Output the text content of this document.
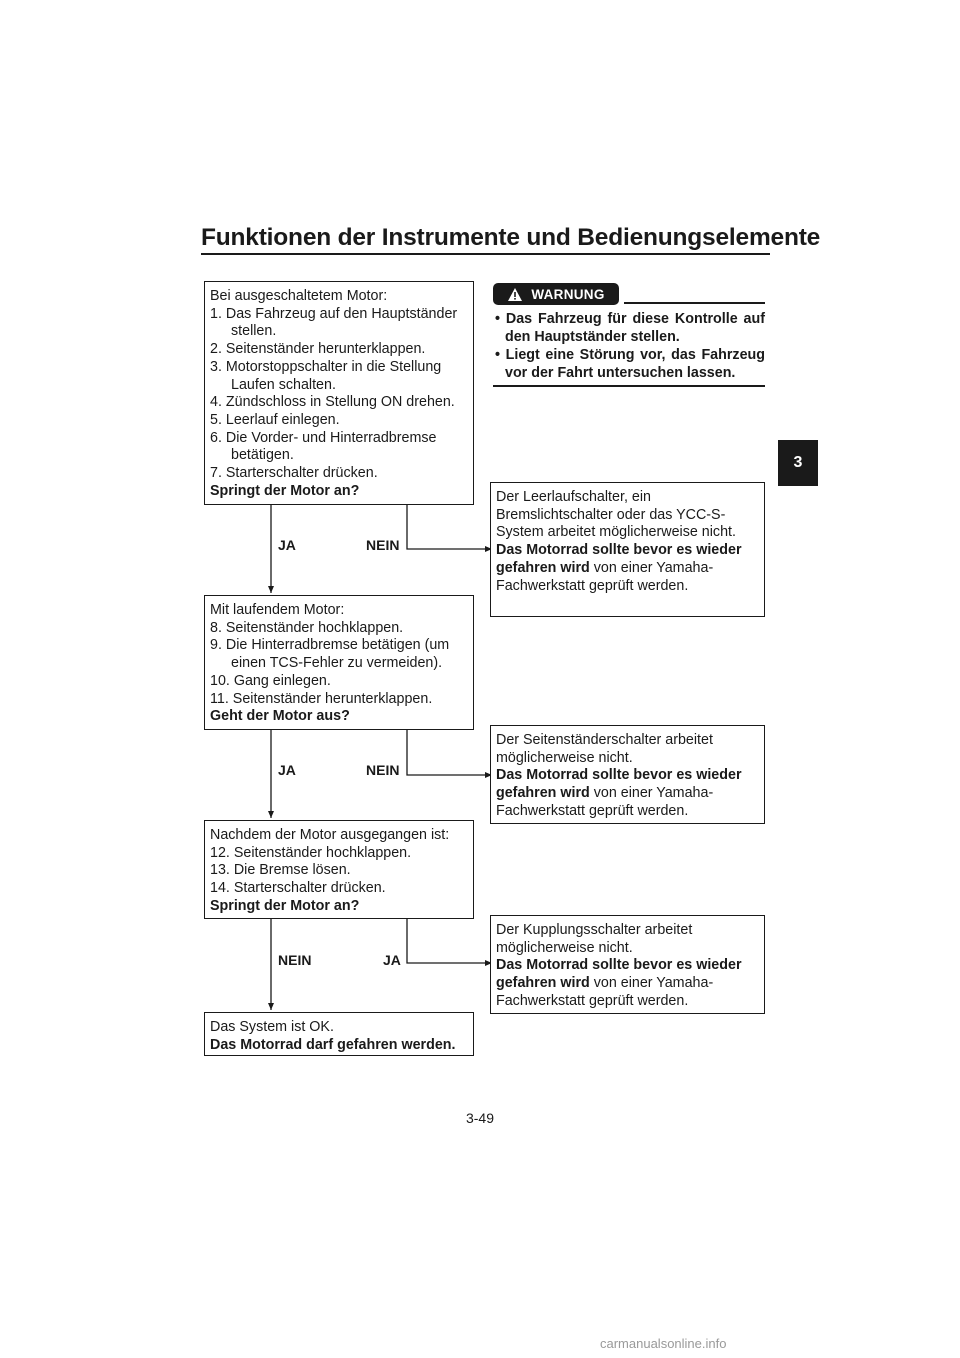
Funktionen der Instrumente und Bedienungselemente
3
Bei ausgeschaltetem Motor:
1. Das Fahrzeug auf den Hauptständer stellen.
2. Seitenständer herunterklappen.
3. Motorstoppschalter in die Stellung Laufen schalten.
4. Zündschloss in Stellung ON drehen.
5. Leerlauf einlegen.
6. Die Vorder- und Hinterradbremse betätigen.
7. Starterschalter drücken.
Springt der Motor an?
JA	NEIN
WARNUNG
• Das Fahrzeug für diese Kontrolle auf den Hauptständer stellen.
• Liegt eine Störung vor, das Fahrzeug vor der Fahrt untersuchen lassen.
Der Leerlaufschalter, ein Bremslichtschalter oder das YCC-S-System arbeitet möglicherweise nicht.
Das Motorrad sollte bevor es wieder gefahren wird von einer Yamaha-Fachwerkstatt geprüft werden.
Mit laufendem Motor:
8. Seitenständer hochklappen.
9. Die Hinterradbremse betätigen (um einen TCS-Fehler zu vermeiden).
10. Gang einlegen.
11. Seitenständer herunterklappen.
Geht der Motor aus?
JA	NEIN
Der Seitenständerschalter arbeitet möglicherweise nicht.
Das Motorrad sollte bevor es wieder gefahren wird von einer Yamaha-Fachwerkstatt geprüft werden.
Nachdem der Motor ausgegangen ist:
12. Seitenständer hochklappen.
13. Die Bremse lösen.
14. Starterschalter drücken.
Springt der Motor an?
NEIN	JA
Der Kupplungsschalter arbeitet möglicherweise nicht.
Das Motorrad sollte bevor es wieder gefahren wird von einer Yamaha-Fachwerkstatt geprüft werden.
Das System ist OK.
Das Motorrad darf gefahren werden.
3-49
carmanualsonline.info
